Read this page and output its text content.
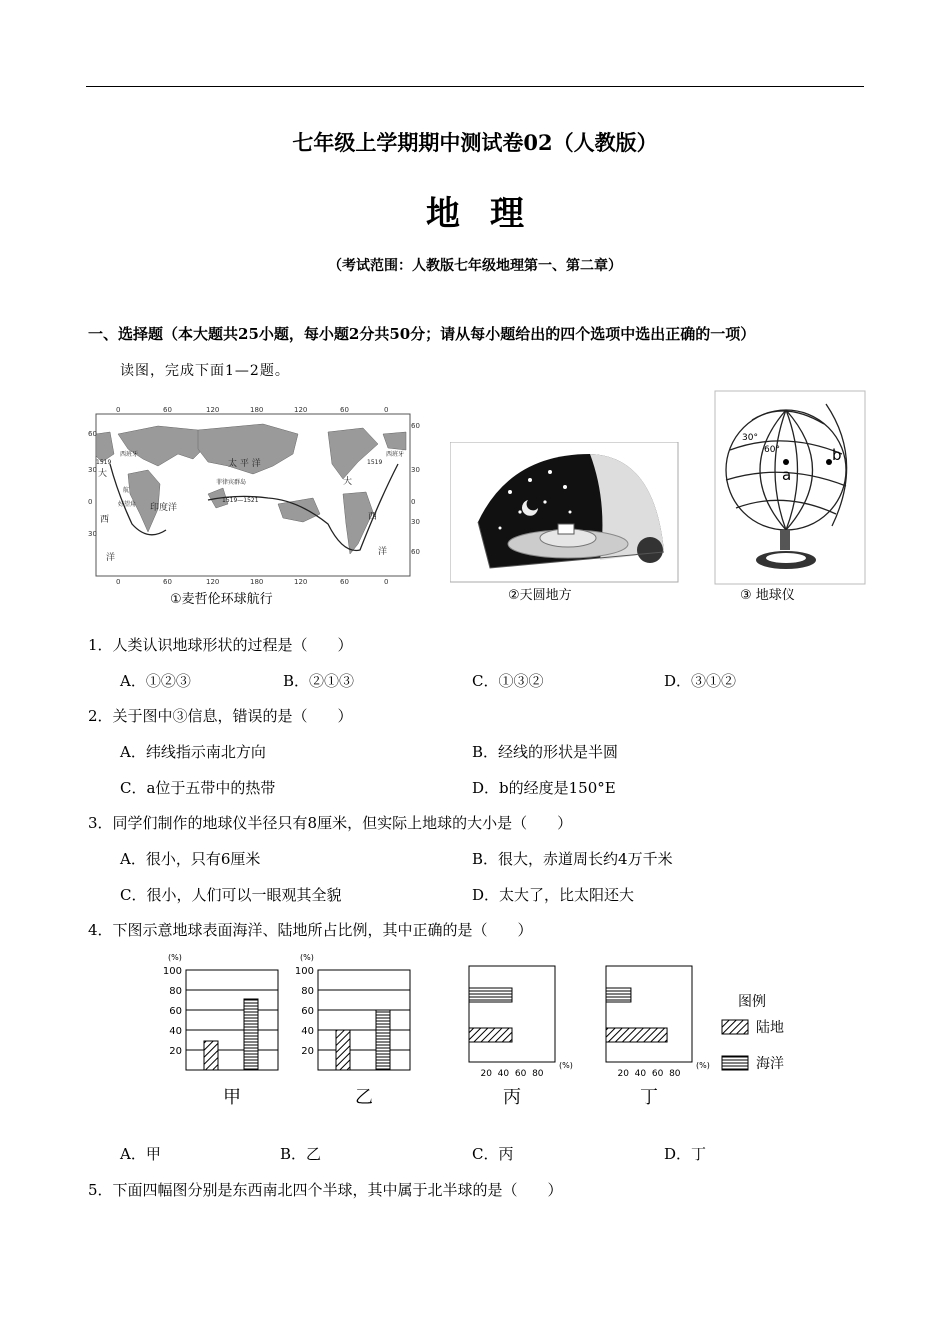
七年级上学期期中测试卷02（人教版）
地理
（考试范围：人教版七年级地理第一、第二章）
一、选择题（本大题共25小题，每小题2分共50分；请从每小题给出的四个选项中选出正确的一项）
读图，完成下面1—2题。
0	60	120	180	120	60	0
0	60	120	180	120	60	0
60
30
0
30
60
30
0
30
60
太 平 洋
印度洋
大
西
洋
大
西
洋
西班牙	西班牙
菲律宾群岛
1519—1521
1519	1519
好望角
航
①麦哲伦环球航行	②天圆地方
30°
60°
a
b
③ 地球仪
1．人类认识地球形状的过程是（　　）
A．①②③	B．②①③	C．①③②	D．③①②
2．关于图中③信息，错误的是（　　）
A．纬线指示南北方向	B．经线的形状是半圆
C．a位于五带中的热带	D．b的经度是150°E
3．同学们制作的地球仪半径只有8厘米，但实际上地球的大小是（　　）
A．很小，只有6厘米	B．很大，赤道周长约4万千米
C．很小，人们可以一眼观其全貌	D．太大了，比太阳还大
4．下图示意地球表面海洋、陆地所占比例，其中正确的是（　　）
20
40
60
80
100
(%)
甲
20
40
60
80
100
(%)
乙
20 40 60 80
(%)
丙
20 40 60 80
(%)
丁
图例
陆地
海洋
A．甲	B．乙	C．丙	D．丁
5．下面四幅图分别是东西南北四个半球，其中属于北半球的是（　　）
